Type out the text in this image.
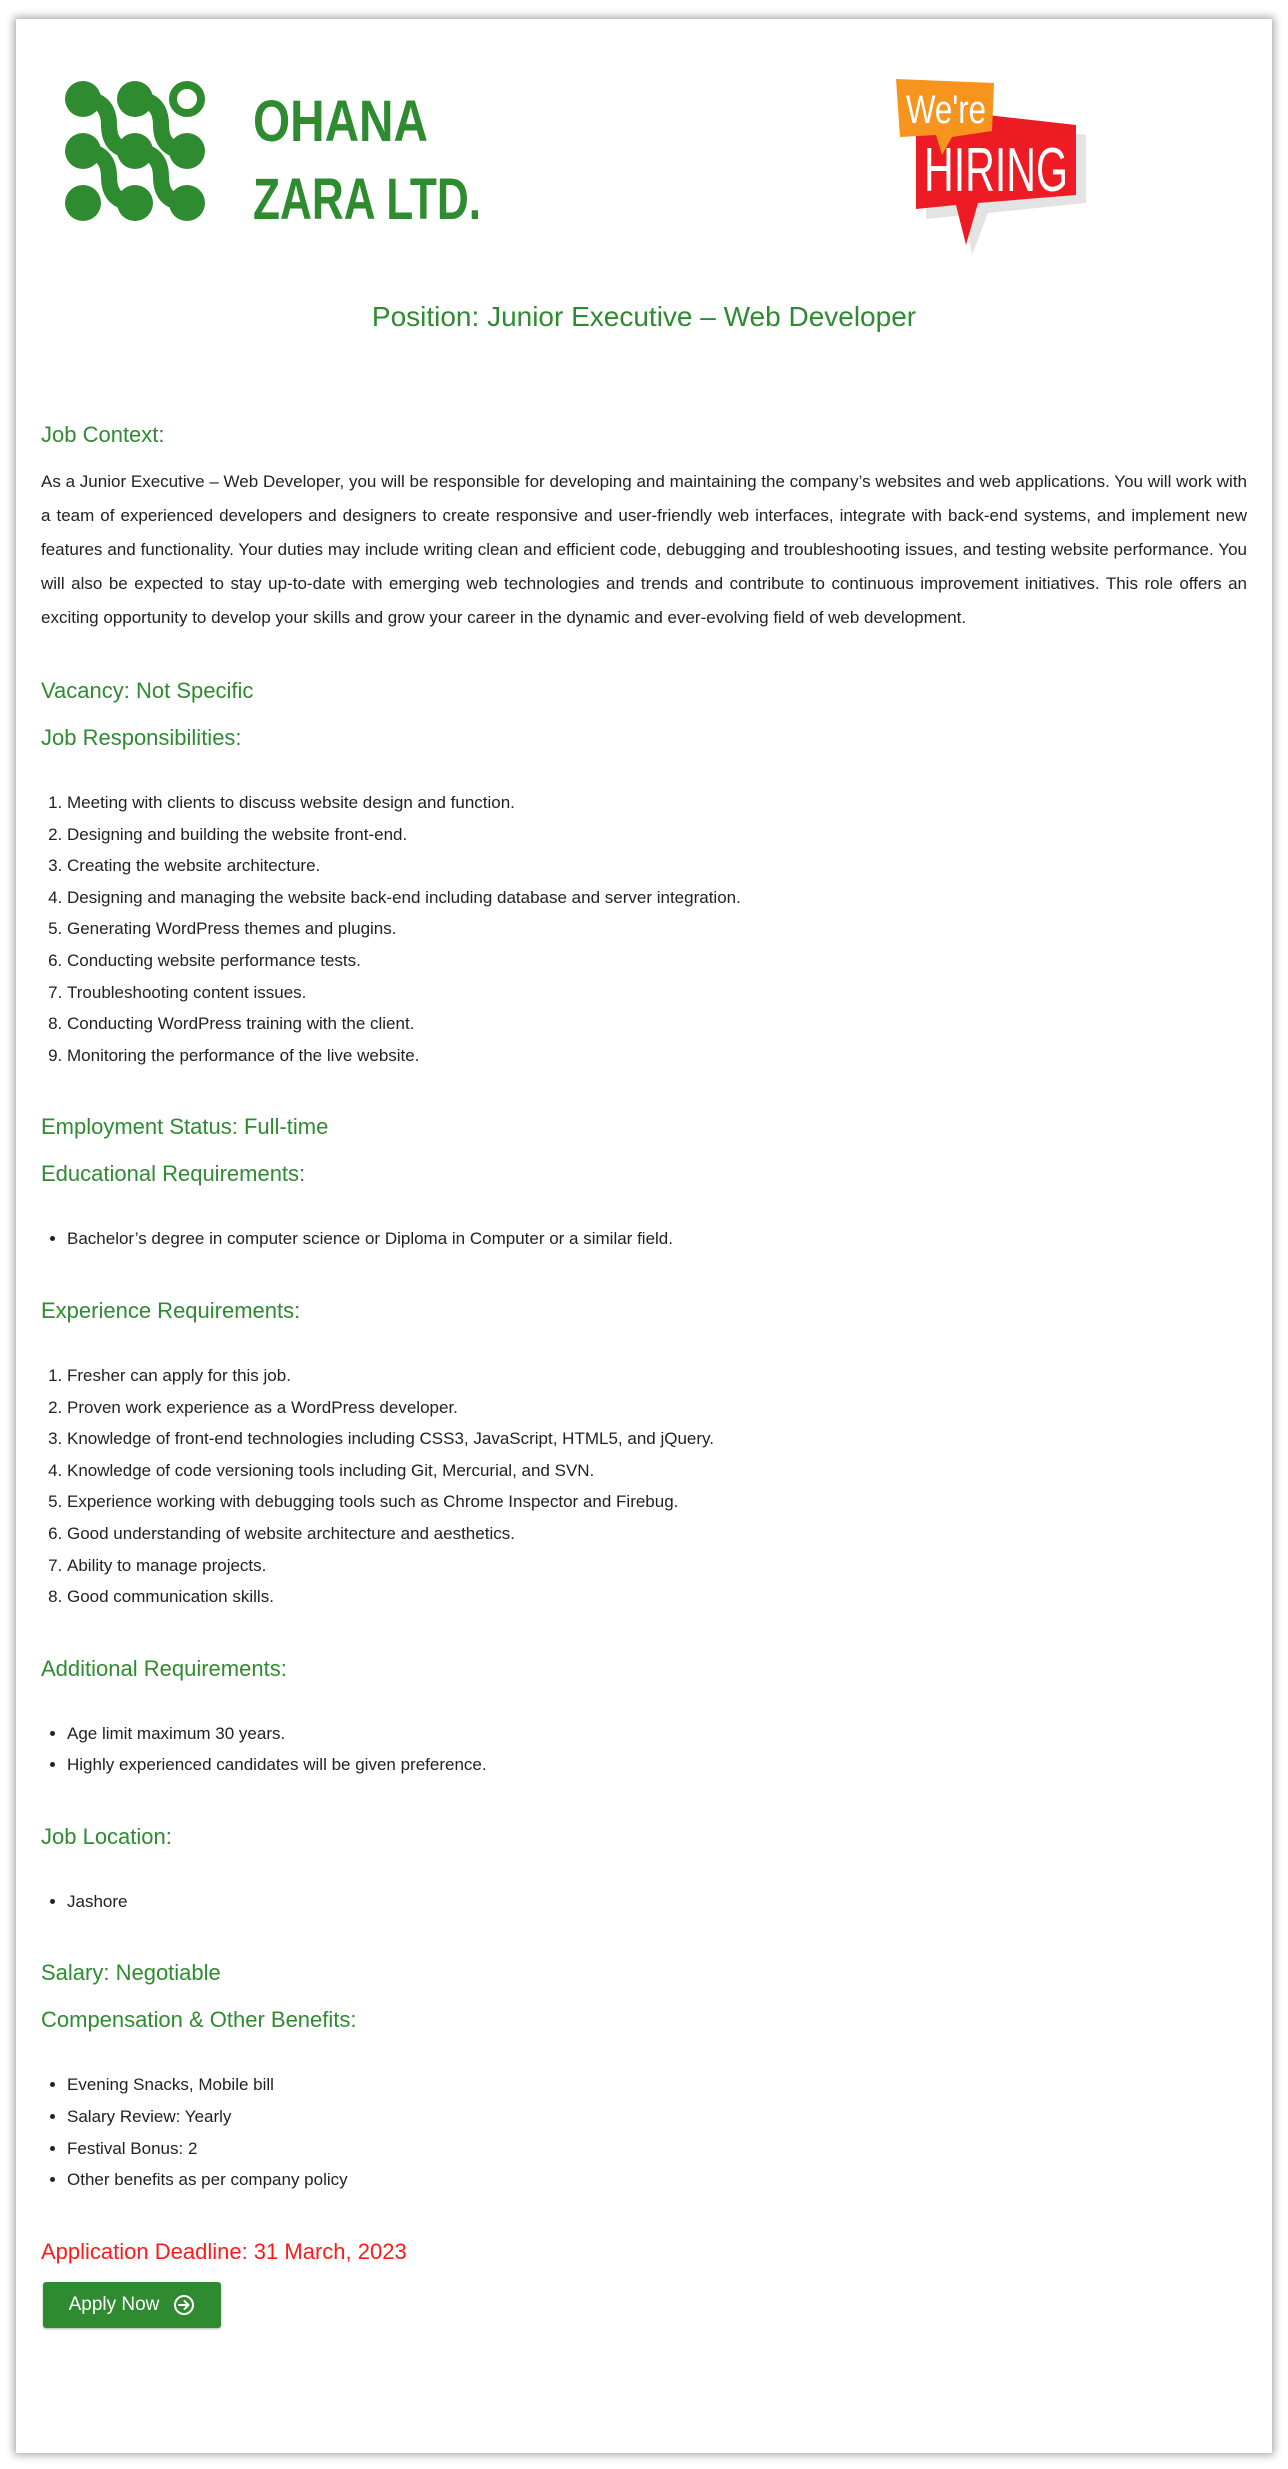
OHANA
ZARA LTD.
We're
HIRING
Position: Junior Executive – Web Developer
Job Context:

As a Junior Executive – Web Developer, you will be responsible for developing and maintaining the company’s websites and web applications. You will work with a team of experienced developers and designers to create responsive and user-friendly web interfaces, integrate with back-end systems, and implement new features and functionality. Your duties may include writing clean and efficient code, debugging and troubleshooting issues, and testing website performance. You will also be expected to stay up-to-date with emerging web technologies and trends and contribute to continuous improvement initiatives. This role offers an exciting opportunity to develop your skills and grow your career in the dynamic and ever-evolving field of web development.

Vacancy: Not Specific
Job Responsibilities:
1. Meeting with clients to discuss website design and function.
2. Designing and building the website front-end.
3. Creating the website architecture.
4. Designing and managing the website back-end including database and server integration.
5. Generating WordPress themes and plugins.
6. Conducting website performance tests.
7. Troubleshooting content issues.
8. Conducting WordPress training with the client.
9. Monitoring the performance of the live website.
Employment Status: Full-time
Educational Requirements:
• Bachelor’s degree in computer science or Diploma in Computer or a similar field.
Experience Requirements:
1. Fresher can apply for this job.
2. Proven work experience as a WordPress developer.
3. Knowledge of front-end technologies including CSS3, JavaScript, HTML5, and jQuery.
4. Knowledge of code versioning tools including Git, Mercurial, and SVN.
5. Experience working with debugging tools such as Chrome Inspector and Firebug.
6. Good understanding of website architecture and aesthetics.
7. Ability to manage projects.
8. Good communication skills.
Additional Requirements:
• Age limit maximum 30 years.
• Highly experienced candidates will be given preference.
Job Location:
• Jashore
Salary: Negotiable
Compensation & Other Benefits:
• Evening Snacks, Mobile bill
• Salary Review: Yearly
• Festival Bonus: 2
• Other benefits as per company policy
Application Deadline: 31 March, 2023
Apply Now
